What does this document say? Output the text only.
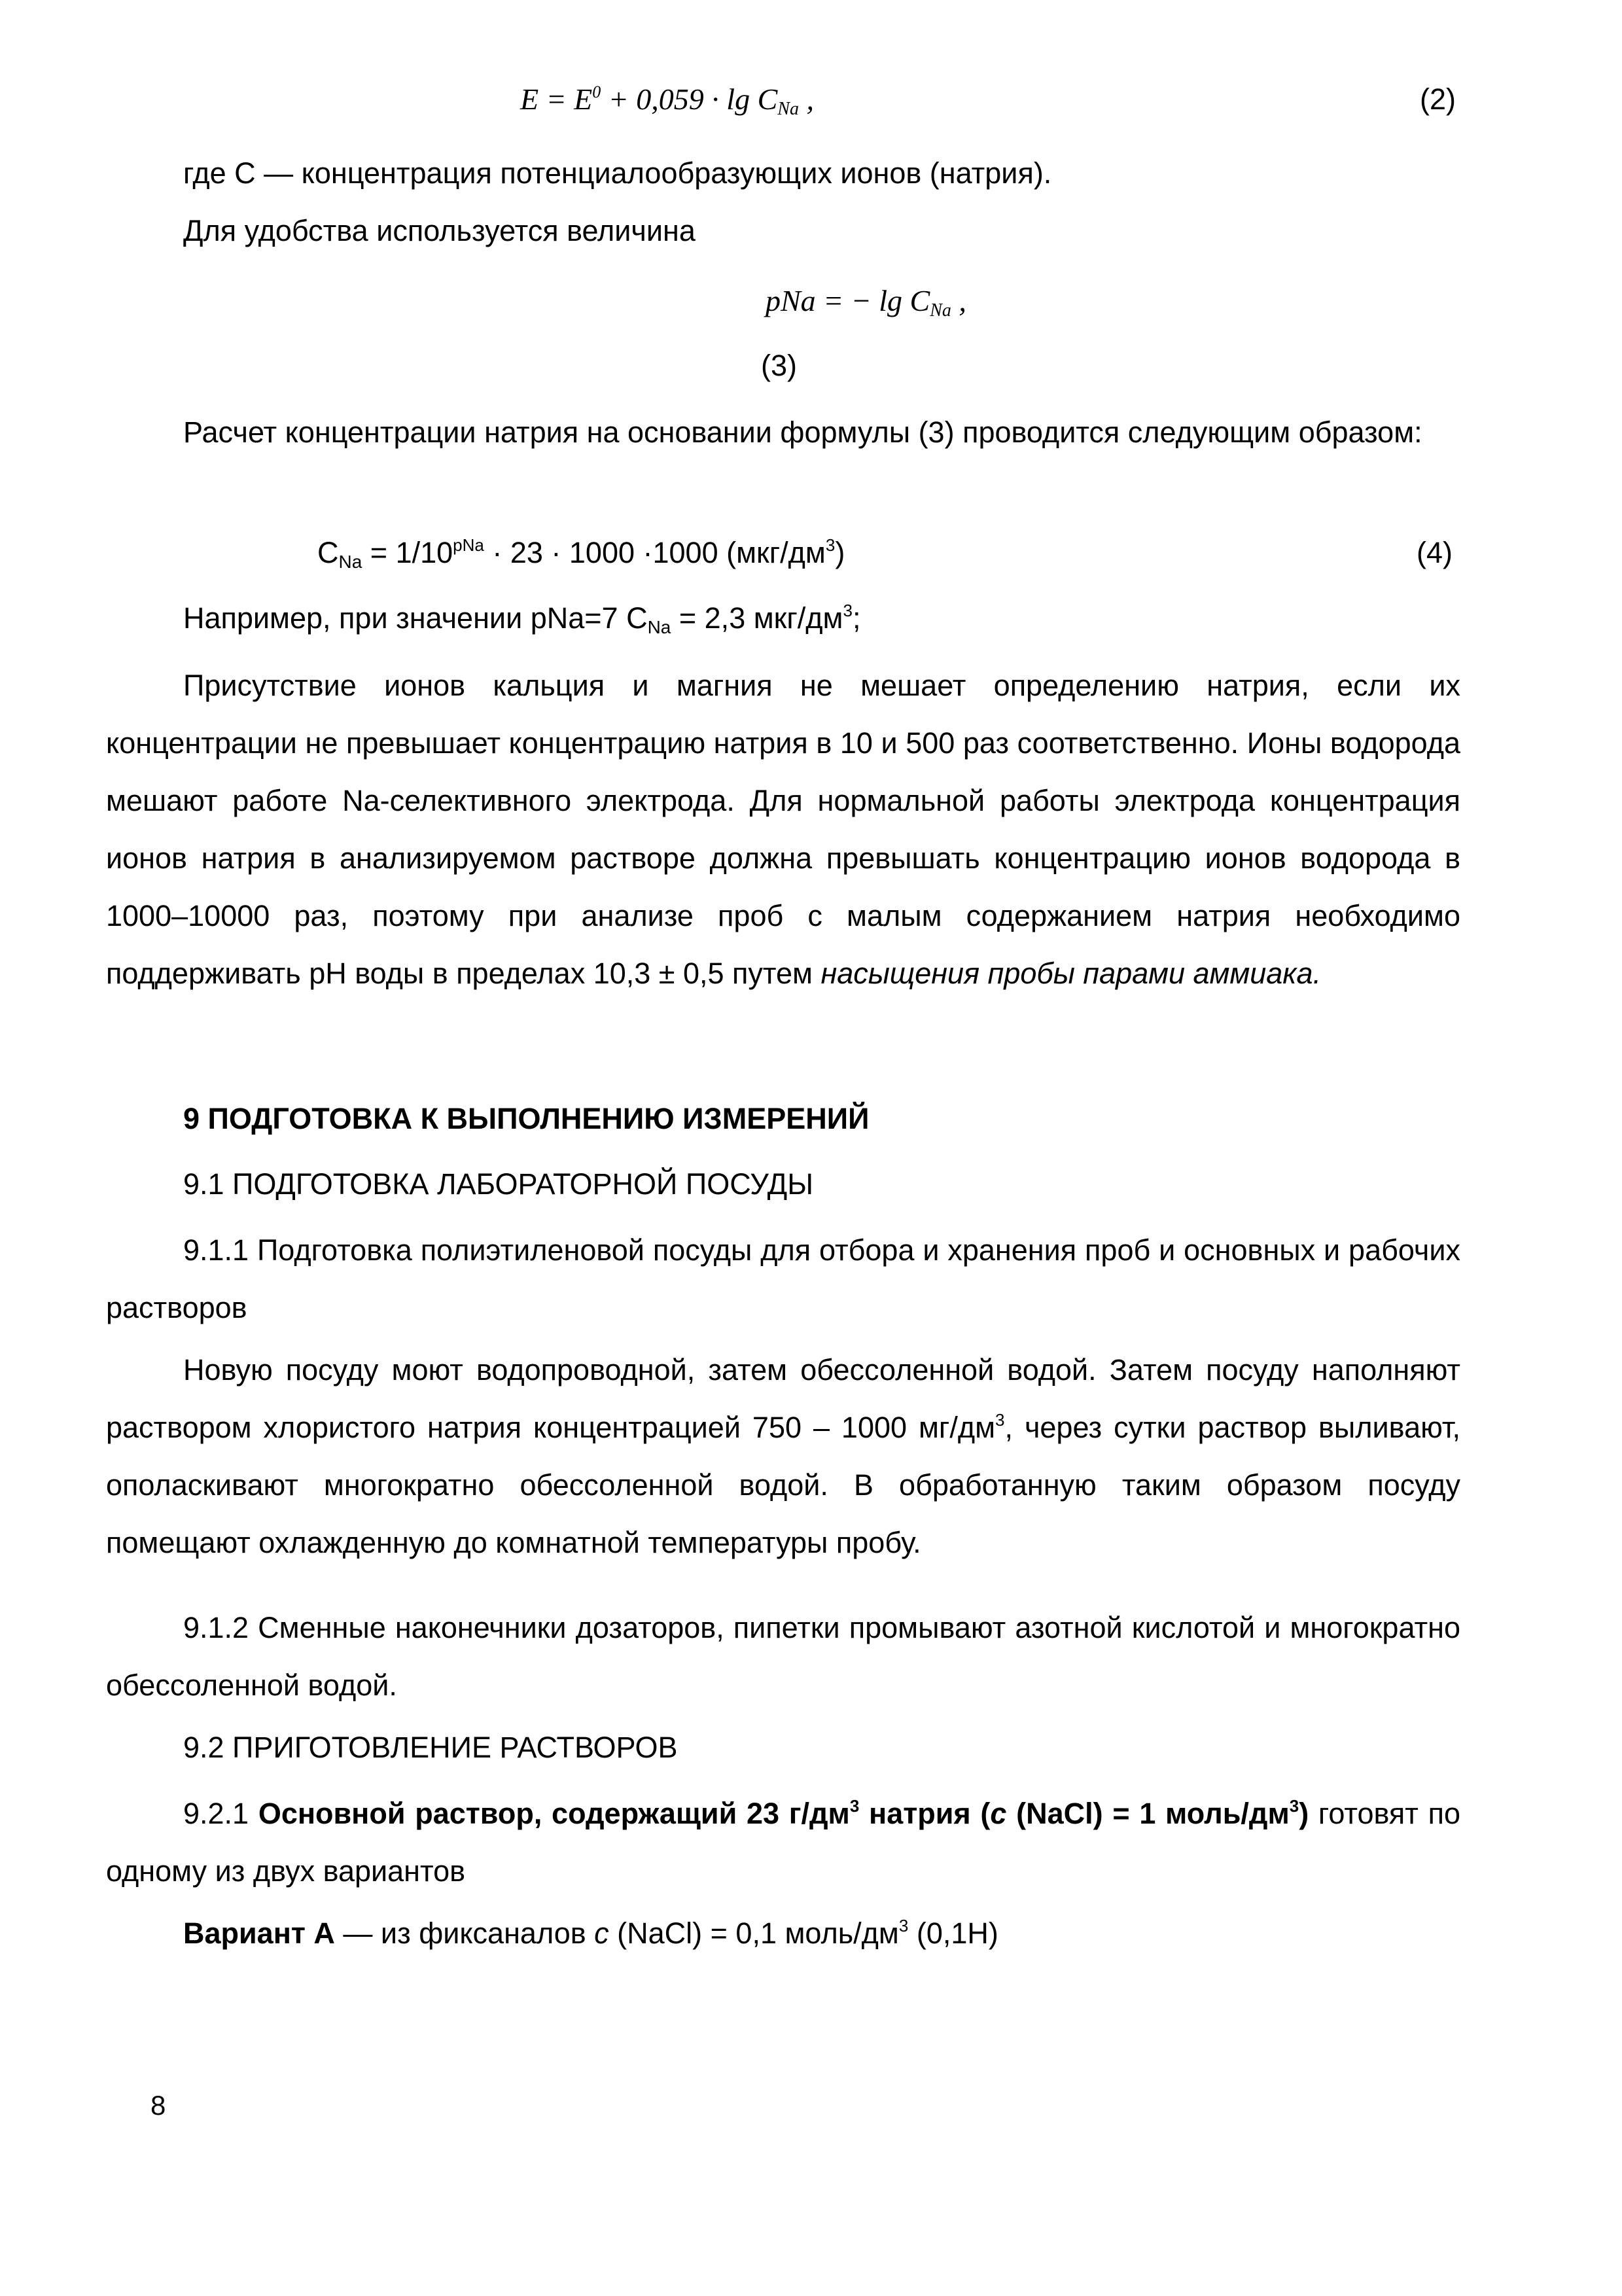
$E = E^0 + 0,059 \cdot \lg C_{Na}$ ,	(2)
где C — концентрация потенциалообразующих ионов (натрия).
Для удобства используется величина
pNa = − $\lg C_{Na}$ ,
(3)
Расчет концентрации натрия на основании формулы (3) проводится следующим образом:
$C_{Na} = 1/10^{pNa} \cdot 23 \cdot 1000 \cdot 1000$ $(мкг/дм^3)$	(4)
Например, при значении pNa=7 $C_{Na} = 2,3$ мкг/$дм^3$;
Присутствие ионов кальция и магния не мешает определению натрия, если их концентрации не превышает концентрацию натрия в 10 и 500 раз соответственно. Ионы водорода мешают работе Na-селективного электрода. Для нормальной работы электрода концентрация ионов натрия в анализируемом растворе должна превышать концентрацию ионов водорода в 1000–10000 раз, поэтому при анализе проб с малым содержанием натрия необходимо поддерживать pH воды в пределах 10,3 ± 0,5 путем насыщения пробы парами аммиака.
9 ПОДГОТОВКА К ВЫПОЛНЕНИЮ ИЗМЕРЕНИЙ
9.1 ПОДГОТОВКА ЛАБОРАТОРНОЙ ПОСУДЫ
9.1.1 Подготовка полиэтиленовой посуды для отбора и хранения проб и основных и рабочих растворов
Новую посуду моют водопроводной, затем обессоленной водой. Затем посуду наполняют раствором хлористого натрия концентрацией 750 – 1000 $мг/дм^3$, через сутки раствор выливают, ополаскивают многократно обессоленной водой. В обработанную таким образом посуду помещают охлажденную до комнатной температуры пробу.
9.1.2 Сменные наконечники дозаторов, пипетки промывают азотной кислотой и многократно обессоленной водой.
9.2 ПРИГОТОВЛЕНИЕ РАСТВОРОВ
9.2.1 Основной раствор, содержащий 23 $г/дм^3$ натрия (c (NaCl) = 1 моль/$дм^3$) готовят по одному из двух вариантов
Вариант А — из фиксаналов c (NaCl) = 0,1 моль/$дм^3$ (0,1Н)
8
